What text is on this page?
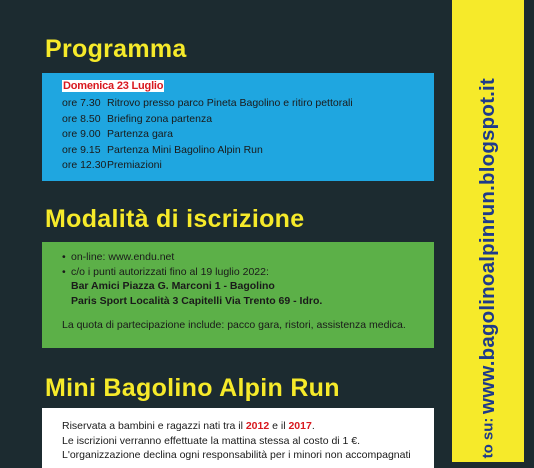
Programma
Domenica 23 Luglio
ore 7.30 Ritrovo presso parco Pineta Bagolino e ritiro pettorali
ore 8.50 Briefing zona partenza
ore 9.00 Partenza gara
ore 9.15 Partenza Mini Bagolino Alpin Run
ore 12.30 Premiazioni
Modalità di iscrizione
• on-line: www.endu.net
• c/o i punti autorizzati fino al 19 luglio 2022:
Bar Amici Piazza G. Marconi 1 - Bagolino
Paris Sport Località 3 Capitelli Via Trento 69 - Idro.
La quota di partecipazione include: pacco gara, ristori, assistenza medica.
Mini Bagolino Alpin Run
Riservata a bambini e ragazzi nati tra il 2012 e il 2017.
Le iscrizioni verranno effettuate la mattina stessa al costo di 1 €.
L'organizzazione declina ogni responsabilità per i minori non accompagnati
www.bagolinoalpinrun.blogspot.it
to su:
